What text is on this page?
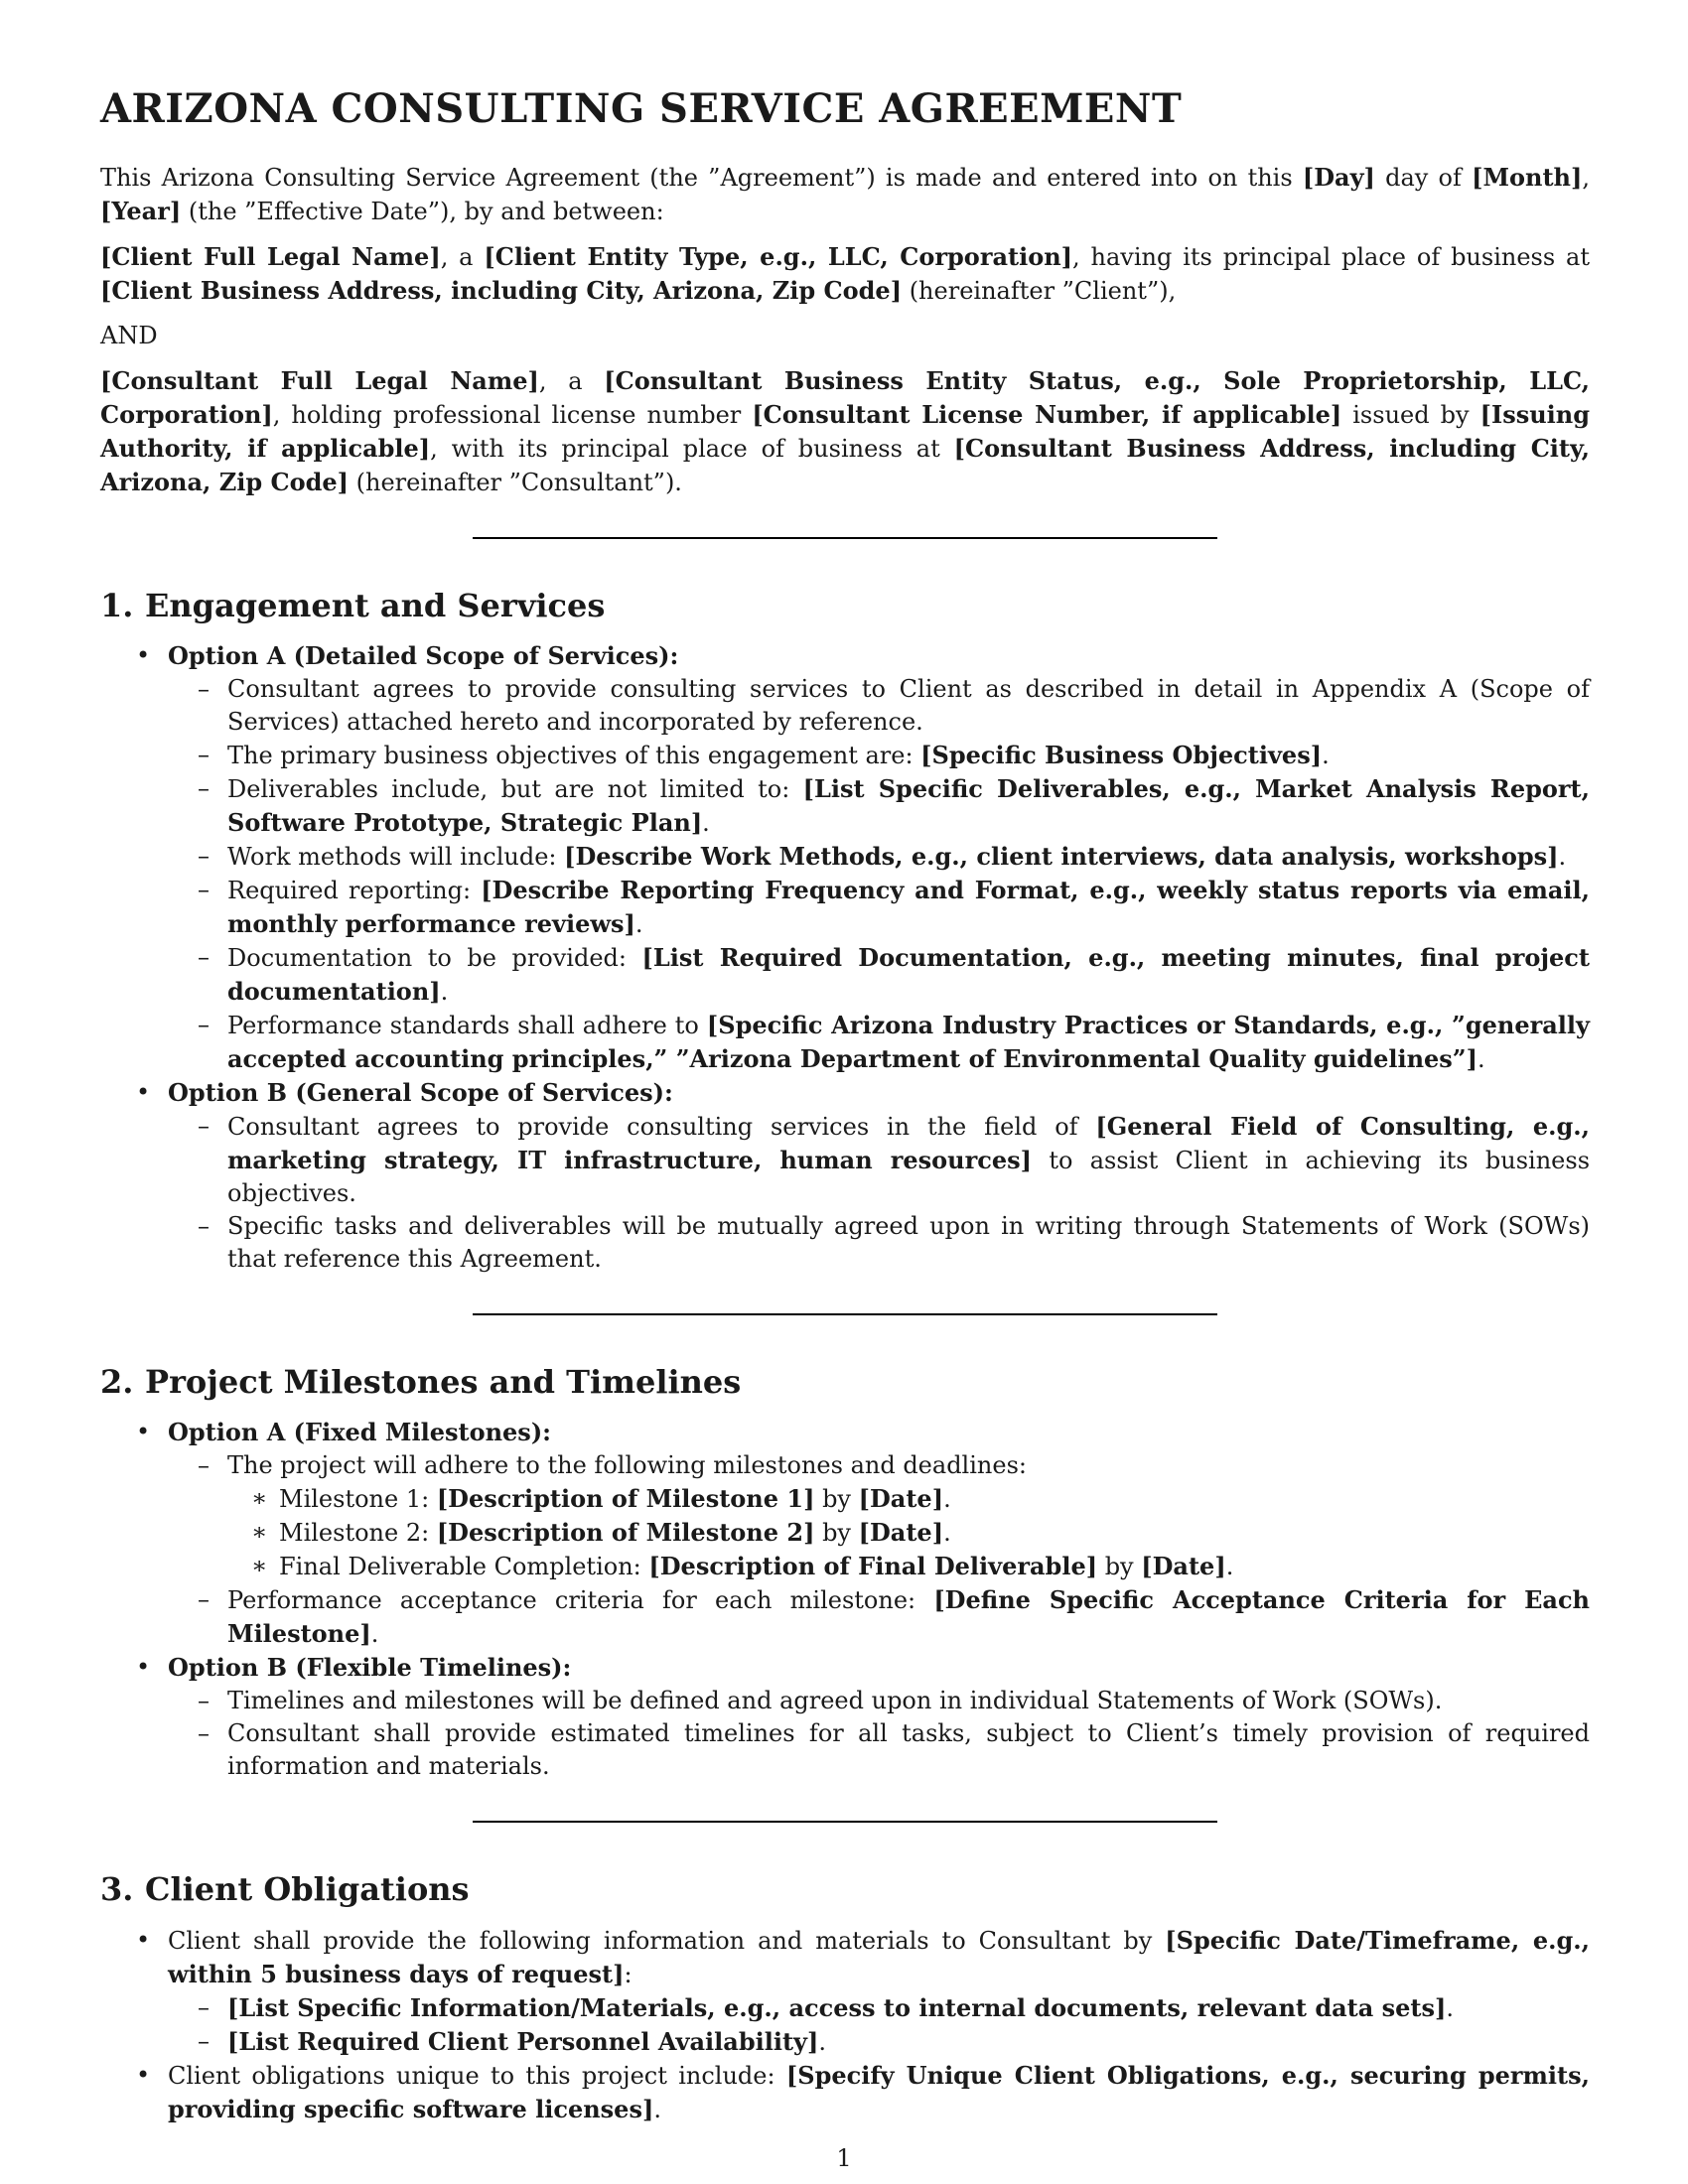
ARIZONA CONSULTING SERVICE AGREEMENT

This Arizona Consulting Service Agreement (the ”Agreement”) is made and entered into on this [Day] day of [Month], [Year] (the ”Effective Date”), by and between:

[Client Full Legal Name], a [Client Entity Type, e.g., LLC, Corporation], having its principal place of business at [Client Business Address, including City, Arizona, Zip Code] (hereinafter ”Client”),

AND

[Consultant Full Legal Name], a [Consultant Business Entity Status, e.g., Sole Proprietorship, LLC, Corporation], holding professional license number [Consultant License Number, if applicable] issued by [Issuing Authority, if applicable], with its principal place of business at [Consultant Business Address, including City, Arizona, Zip Code] (hereinafter ”Consultant”).

1. Engagement and Services
• Option A (Detailed Scope of Services):
– Consultant agrees to provide consulting services to Client as described in detail in Appendix A (Scope of Services) attached hereto and incorporated by reference.
– The primary business objectives of this engagement are: [Specific Business Objectives].
– Deliverables include, but are not limited to: [List Specific Deliverables, e.g., Market Analysis Report, Software Prototype, Strategic Plan].
– Work methods will include: [Describe Work Methods, e.g., client interviews, data analysis, workshops].
– Required reporting: [Describe Reporting Frequency and Format, e.g., weekly status reports via email, monthly performance reviews].
– Documentation to be provided: [List Required Documentation, e.g., meeting minutes, final project documentation].
– Performance standards shall adhere to [Specific Arizona Industry Practices or Standards, e.g., ”generally accepted accounting principles,” ”Arizona Department of Environmental Quality guidelines”].
• Option B (General Scope of Services):
– Consultant agrees to provide consulting services in the field of [General Field of Consulting, e.g., marketing strategy, IT infrastructure, human resources] to assist Client in achieving its business objectives.
– Specific tasks and deliverables will be mutually agreed upon in writing through Statements of Work (SOWs) that reference this Agreement.
2. Project Milestones and Timelines
• Option A (Fixed Milestones):
– The project will adhere to the following milestones and deadlines:
∗ Milestone 1: [Description of Milestone 1] by [Date].
∗ Milestone 2: [Description of Milestone 2] by [Date].
∗ Final Deliverable Completion: [Description of Final Deliverable] by [Date].
– Performance acceptance criteria for each milestone: [Define Specific Acceptance Criteria for Each Milestone].
• Option B (Flexible Timelines):
– Timelines and milestones will be defined and agreed upon in individual Statements of Work (SOWs).
– Consultant shall provide estimated timelines for all tasks, subject to Client’s timely provision of required information and materials.
3. Client Obligations
• Client shall provide the following information and materials to Consultant by [Specific Date/Timeframe, e.g., within 5 business days of request]:
– [List Specific Information/Materials, e.g., access to internal documents, relevant data sets].
– [List Required Client Personnel Availability].
• Client obligations unique to this project include: [Specify Unique Client Obligations, e.g., securing permits, providing specific software licenses].
1
